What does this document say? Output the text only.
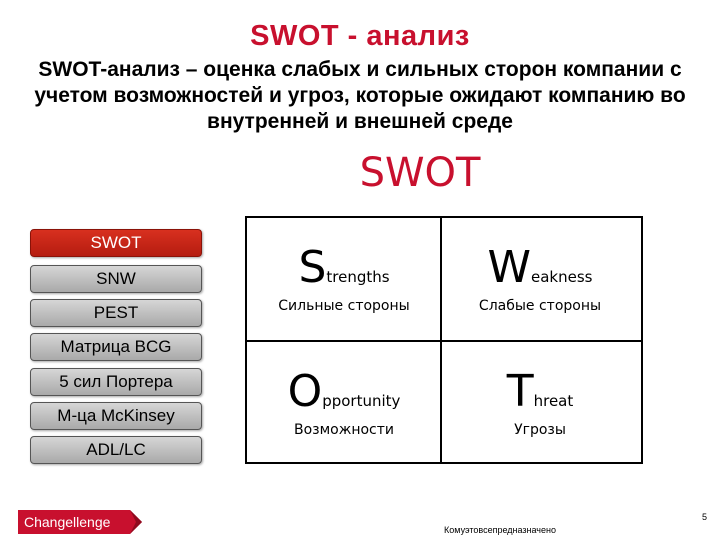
SWOT - анализ
SWOT-анализ – оценка слабых и сильных сторон компании с учетом возможностей и угроз, которые ожидают компанию во внутренней и внешней среде
SWOT
SWOT
SNW
PEST
Матрица BCG
5 сил Портера
М-ца McKinsey
ADL/LC
Strengths
Сильные стороны
Weakness
Слабые стороны
Opportunity
Возможности
Threat
Угрозы
Changellenge	Комуэтовсепредназначено
5
